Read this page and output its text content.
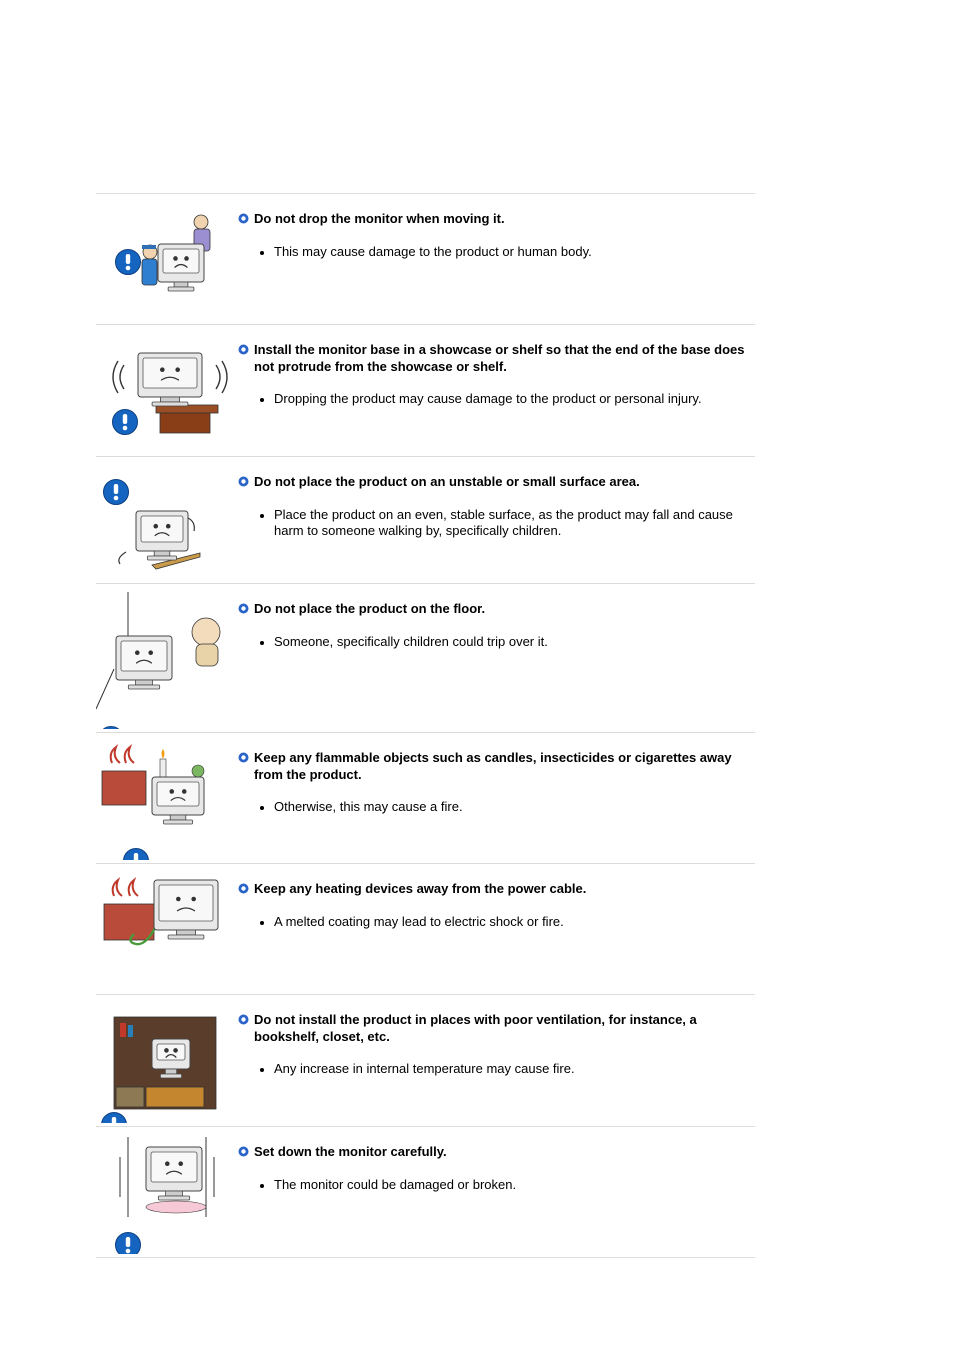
Do not drop the monitor when moving it.
This may cause damage to the product or human body.
Install the monitor base in a showcase or shelf so that the end of the base does not protrude from the showcase or shelf.
Dropping the product may cause damage to the product or personal injury.
Do not place the product on an unstable or small surface area.
Place the product on an even, stable surface, as the product may fall and cause harm to someone walking by, specifically children.
Do not place the product on the floor.
Someone, specifically children could trip over it.
Keep any flammable objects such as candles, insecticides or cigarettes away from the product.
Otherwise, this may cause a fire.
Keep any heating devices away from the power cable.
A melted coating may lead to electric shock or fire.
Do not install the product in places with poor ventilation, for instance, a bookshelf, closet, etc.
Any increase in internal temperature may cause fire.
Set down the monitor carefully.
The monitor could be damaged or broken.
